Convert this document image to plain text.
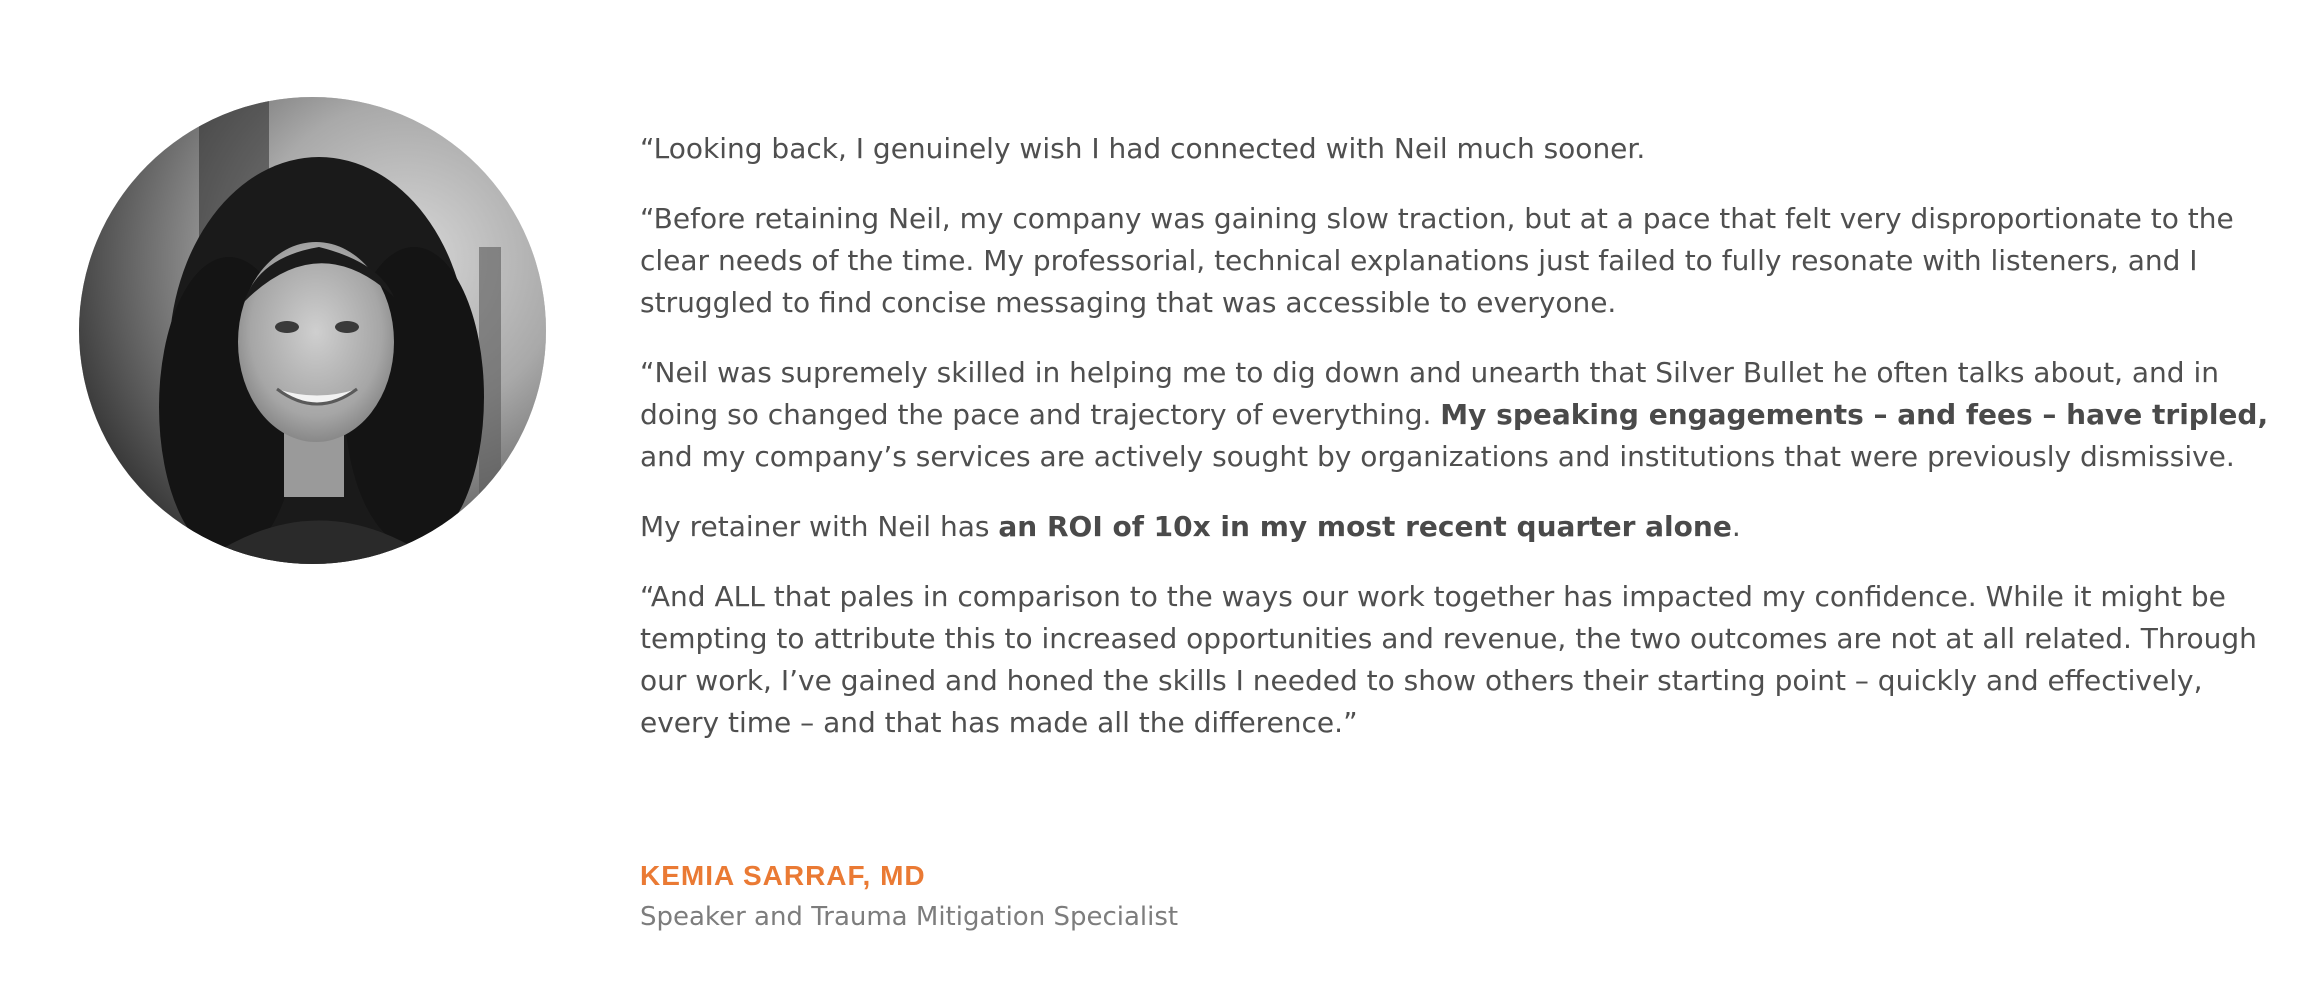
“Looking back, I genuinely wish I had connected with Neil much sooner.

“Before retaining Neil, my company was gaining slow traction, but at a pace that felt very disproportionate to the clear needs of the time. My professorial, technical explanations just failed to fully resonate with listeners, and I struggled to find concise messaging that was accessible to everyone.

“Neil was supremely skilled in helping me to dig down and unearth that Silver Bullet he often talks about, and in doing so changed the pace and trajectory of everything. My speaking engagements – and fees – have tripled, and my company’s services are actively sought by organizations and institutions that were previously dismissive.

My retainer with Neil has an ROI of 10x in my most recent quarter alone.

“And ALL that pales in comparison to the ways our work together has impacted my confidence. While it might be tempting to attribute this to increased opportunities and revenue, the two outcomes are not at all related. Through our work, I’ve gained and honed the skills I needed to show others their starting point – quickly and effectively, every time – and that has made all the difference.”

KEMIA SARRAF, MD
Speaker and Trauma Mitigation Specialist
